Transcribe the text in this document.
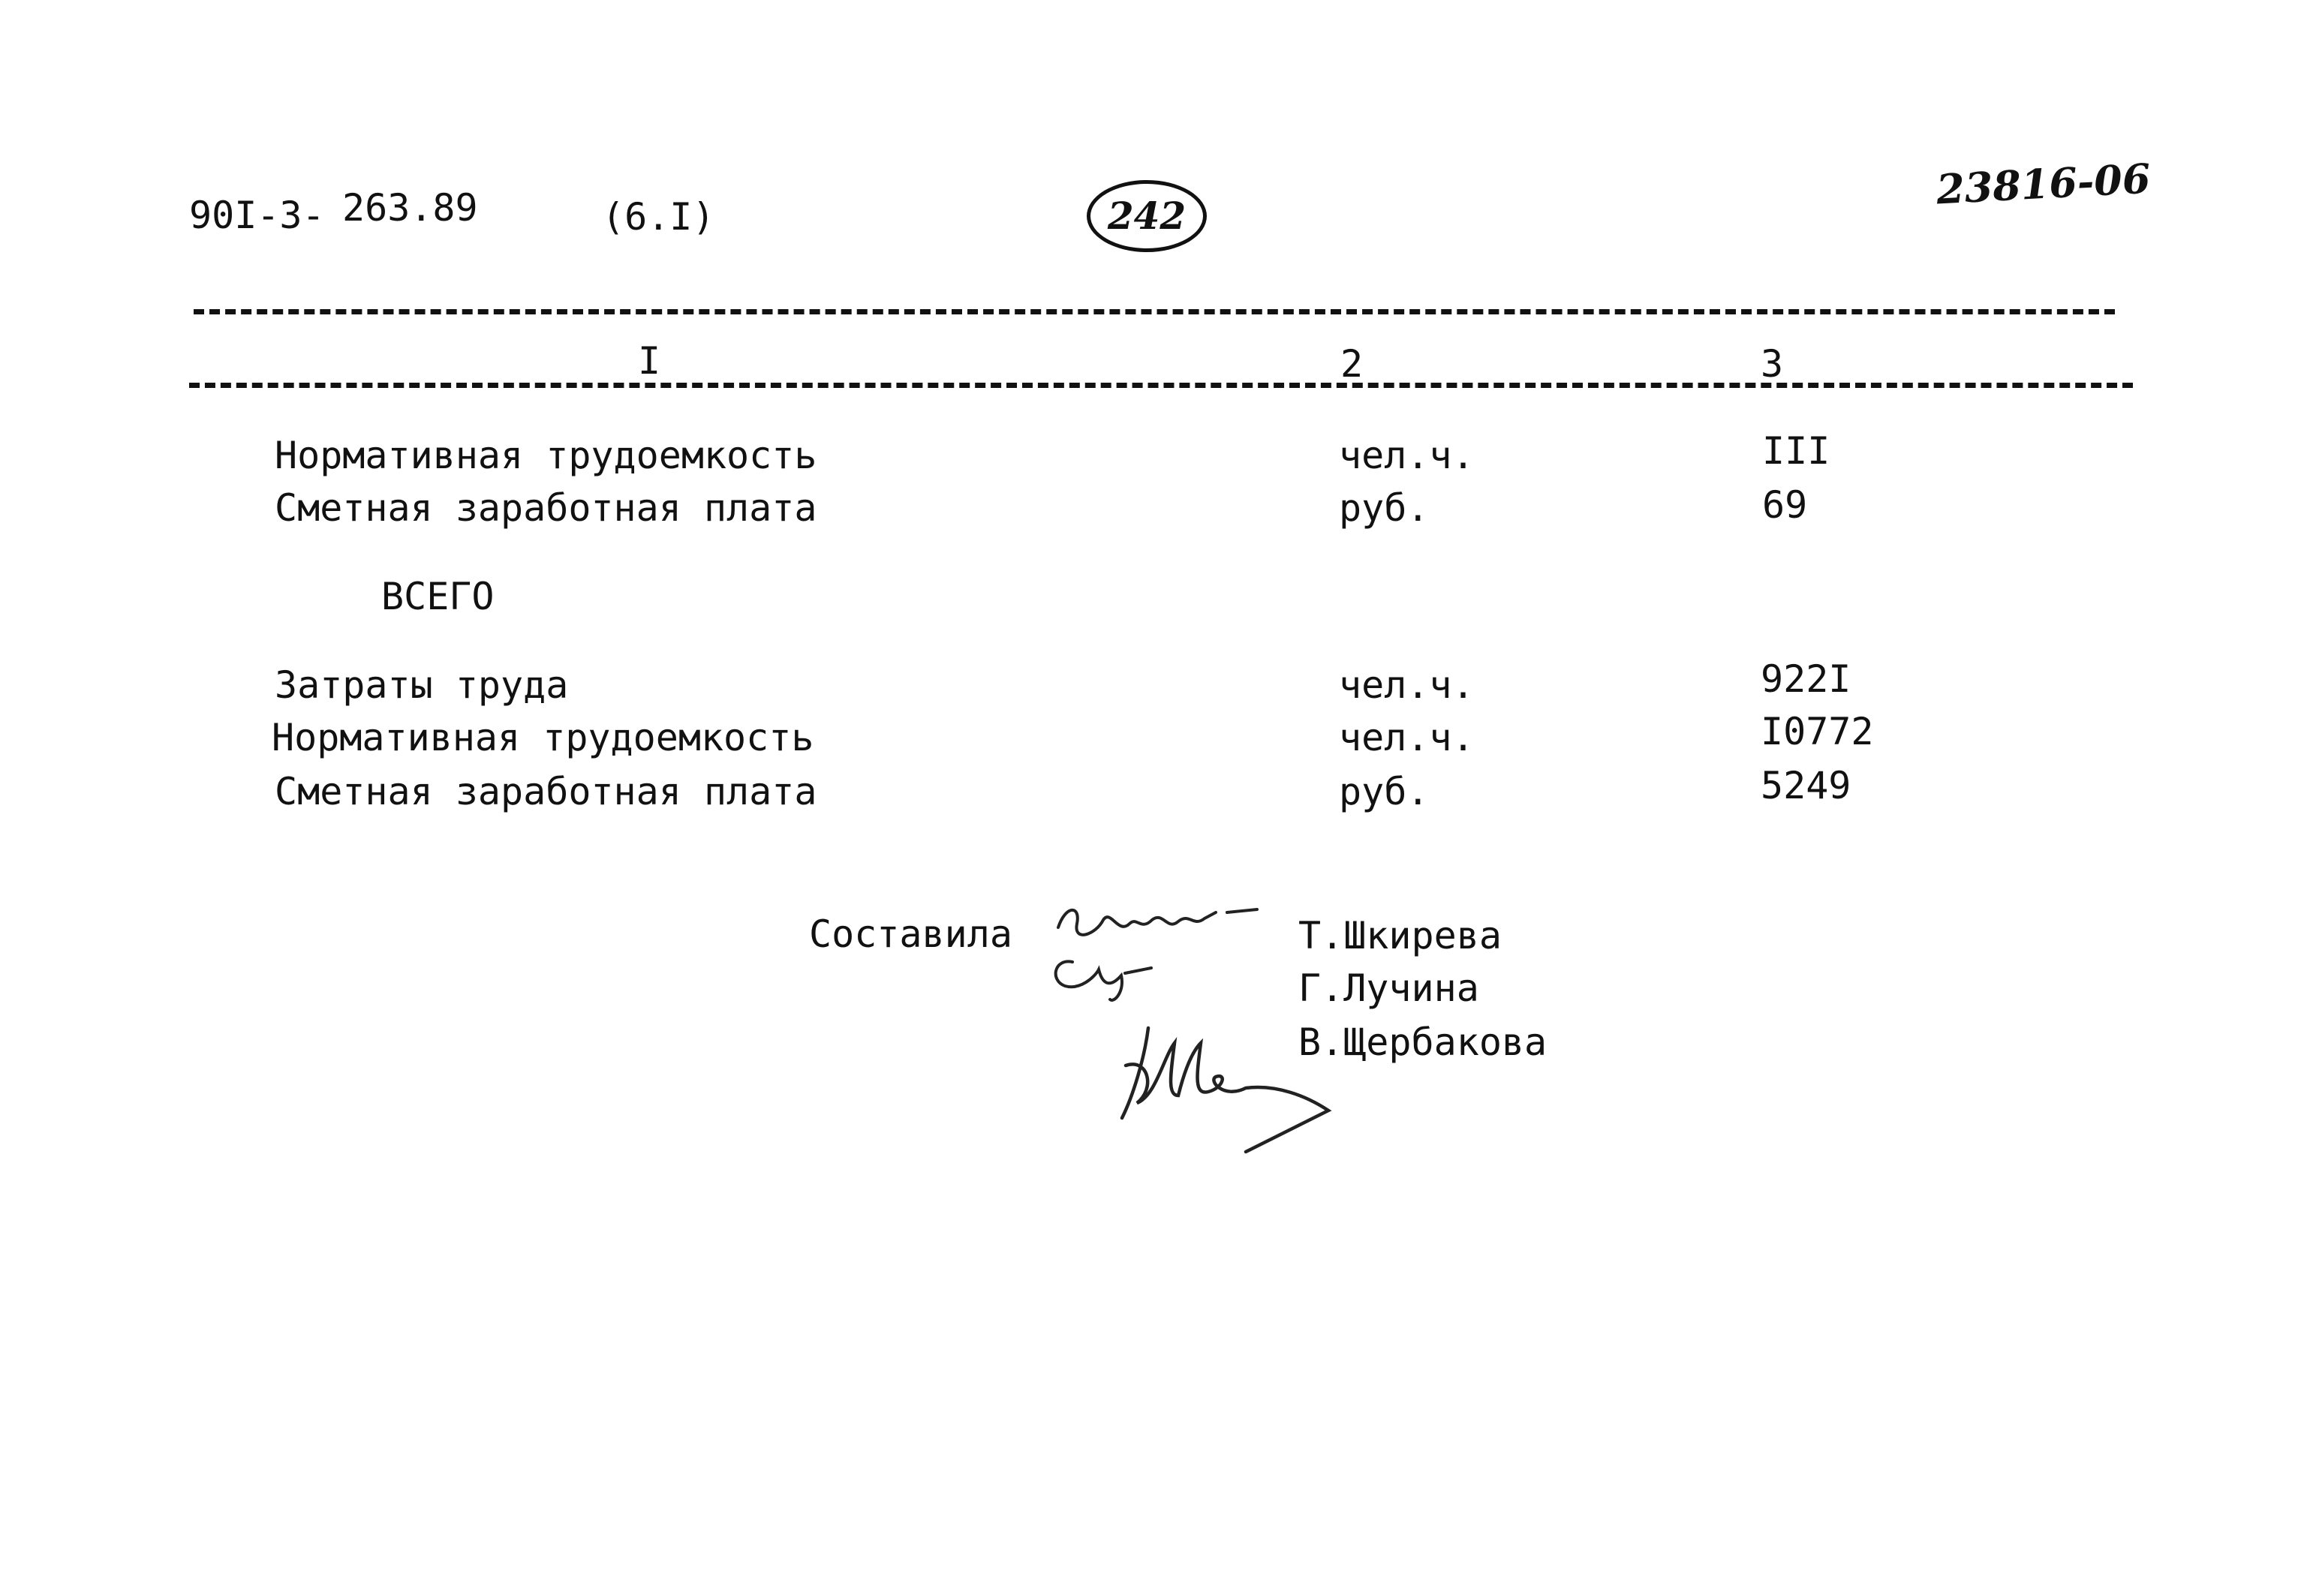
90I-3- 263.89	(6.I)	242
23816-06
I	2	3
Нормативная трудоемкость	чел.ч.	III
Сметная заработная плата	руб.	69
ВСЕГО
Затраты труда	чел.ч.	922I
Нормативная трудоемкость	чел.ч.	I0772
Сметная заработная плата	руб.	5249
Составила	Т.Шкирева
Г.Лучина
В.Щербакова
